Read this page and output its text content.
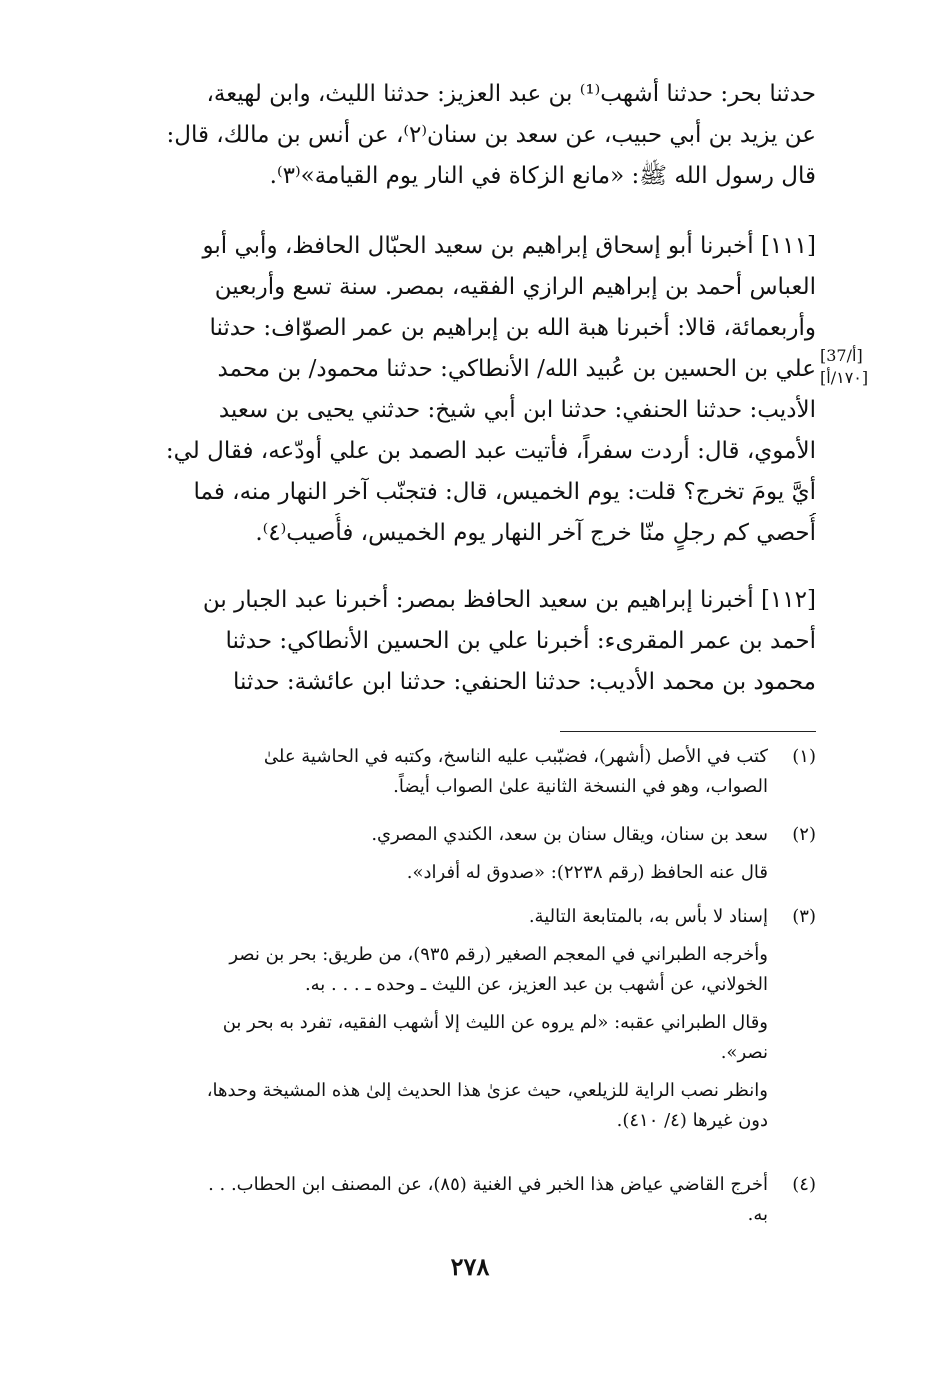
حدثنا بحر: حدثنا أشهب⁽¹⁾ بن عبد العزيز: حدثنا الليث، وابن لهيعة،
عن يزيد بن أبي حبيب، عن سعد بن سنان⁽٢⁾، عن أنس بن مالك، قال:
قال رسول الله ﷺ: «مانع الزكاة في النار يوم القيامة»⁽٣⁾.
[١١١] أخبرنا أبو إسحاق إبراهيم بن سعيد الحبّال الحافظ، وأبي أبو
العباس أحمد بن إبراهيم الرازي الفقيه، بمصر. سنة تسع وأربعين
وأربعمائة، قالا: أخبرنا هبة الله بن إبراهيم بن عمر الصوّاف: حدثنا
علي بن الحسين بن عُبيد الله/ الأنطاكي: حدثنا محمود/ بن محمد
الأديب: حدثنا الحنفي: حدثنا ابن أبي شيخ: حدثني يحيى بن سعيد
الأموي، قال: أردت سفراً، فأتيت عبد الصمد بن علي أودّعه، فقال لي:
أيَّ يومَ تخرج؟ قلت: يوم الخميس، قال: فتجنّب آخر النهار منه، فما
أُحصي كم رجلٍ منّا خرج آخر النهار يوم الخميس، فأُصيب⁽٤⁾.
[37/أ]
[١٧٠/أ]
[١١٢] أخبرنا إبراهيم بن سعيد الحافظ بمصر: أخبرنا عبد الجبار بن
أحمد بن عمر المقرىء: أخبرنا علي بن الحسين الأنطاكي: حدثنا
محمود بن محمد الأديب: حدثنا الحنفي: حدثنا ابن عائشة: حدثنا
(١)
كتب في الأصل (أشهر)، فضبّبب عليه الناسخ، وكتبه في الحاشية علىٰ
الصواب، وهو في النسخة الثانية علىٰ الصواب أيضاً.
(٢)
سعد بن سنان، ويقال سنان بن سعد، الكندي المصري.
قال عنه الحافظ (رقم ٢٢٣٨): «صدوق له أفراد».
(٣)
إسناد لا بأس به، بالمتابعة التالية.
وأخرجه الطبراني في المعجم الصغير (رقم ٩٣٥)، من طريق: بحر بن نصر
الخولاني، عن أشهب بن عبد العزيز، عن الليث ـ وحده ـ . . . به.
وقال الطبراني عقبه: «لم يروه عن الليث إلا أشهب الفقيه، تفرد به بحر بن
نصر».
وانظر نصب الراية للزيلعي، حيث عزىٰ هذا الحديث إلىٰ هذه المشيخة وحدها،
دون غيرها (٤/ ٤١٠).
(٤)
أخرج القاضي عياض هذا الخبر في الغنية (٨٥)، عن المصنف ابن الحطاب. . .
به.
٢٧٨
